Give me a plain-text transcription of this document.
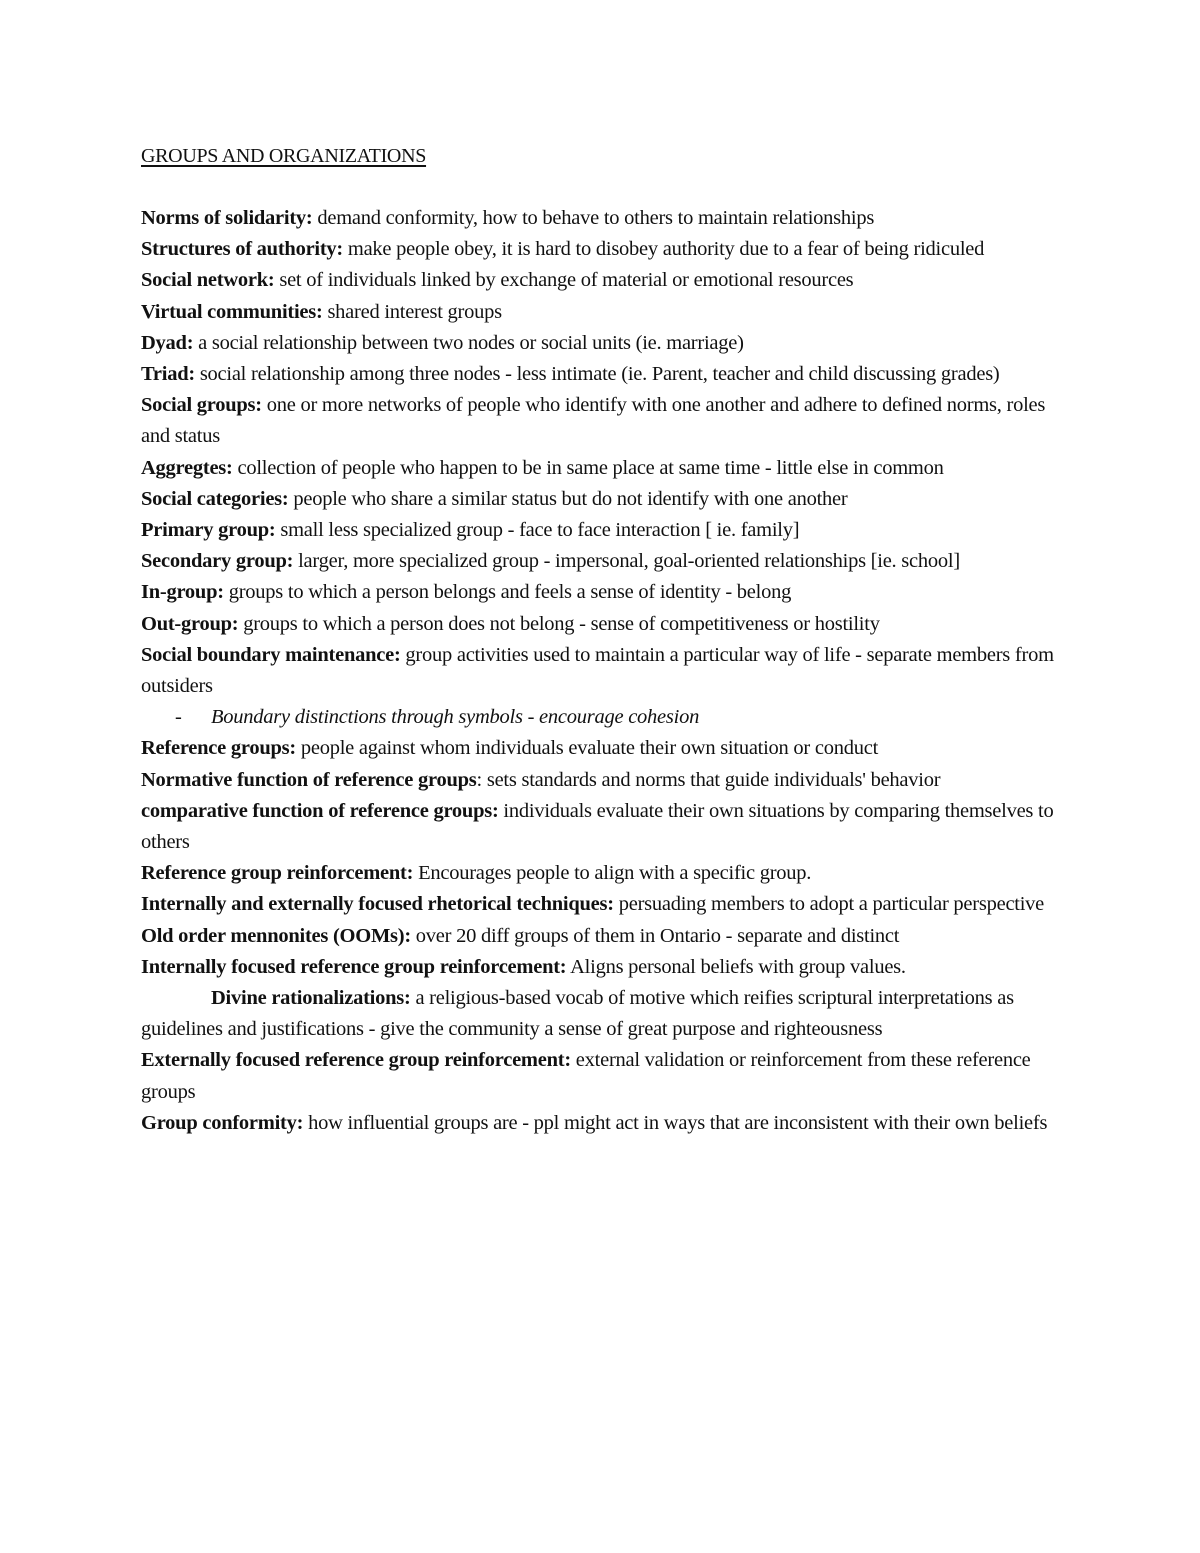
GROUPS AND ORGANIZATIONS

Norms of solidarity: demand conformity, how to behave to others to maintain relationships

Structures of authority: make people obey, it is hard to disobey authority due to a fear of being ridiculed

Social network: set of individuals linked by exchange of material or emotional resources

Virtual communities: shared interest groups

Dyad: a social relationship between two nodes or social units (ie. marriage)

Triad: social relationship among three nodes - less intimate (ie. Parent, teacher and child discussing grades)

Social groups: one or more networks of people who identify with one another and adhere to defined norms, roles and status

Aggregtes: collection of people who happen to be in same place at same time - little else in common

Social categories: people who share a similar status but do not identify with one another

Primary group: small less specialized group - face to face interaction [ ie. family]

Secondary group: larger, more specialized group - impersonal, goal-oriented relationships [ie. school]

In-group: groups to which a person belongs and feels a sense of identity - belong

Out-group: groups to which a person does not belong - sense of competitiveness or hostility

Social boundary maintenance: group activities used to maintain a particular way of life - separate members from outsiders

- Boundary distinctions through symbols - encourage cohesion

Reference groups: people against whom individuals evaluate their own situation or conduct

Normative function of reference groups: sets standards and norms that guide individuals' behavior

comparative function of reference groups: individuals evaluate their own situations by comparing themselves to others

Reference group reinforcement: Encourages people to align with a specific group.

Internally and externally focused rhetorical techniques: persuading members to adopt a particular perspective

Old order mennonites (OOMs): over 20 diff groups of them in Ontario - separate and distinct

Internally focused reference group reinforcement: Aligns personal beliefs with group values.

Divine rationalizations: a religious-based vocab of motive which reifies scriptural interpretations as guidelines and justifications - give the community a sense of great purpose and righteousness

Externally focused reference group reinforcement: external validation or reinforcement from these reference groups

Group conformity: how influential groups are - ppl might act in ways that are inconsistent with their own beliefs
